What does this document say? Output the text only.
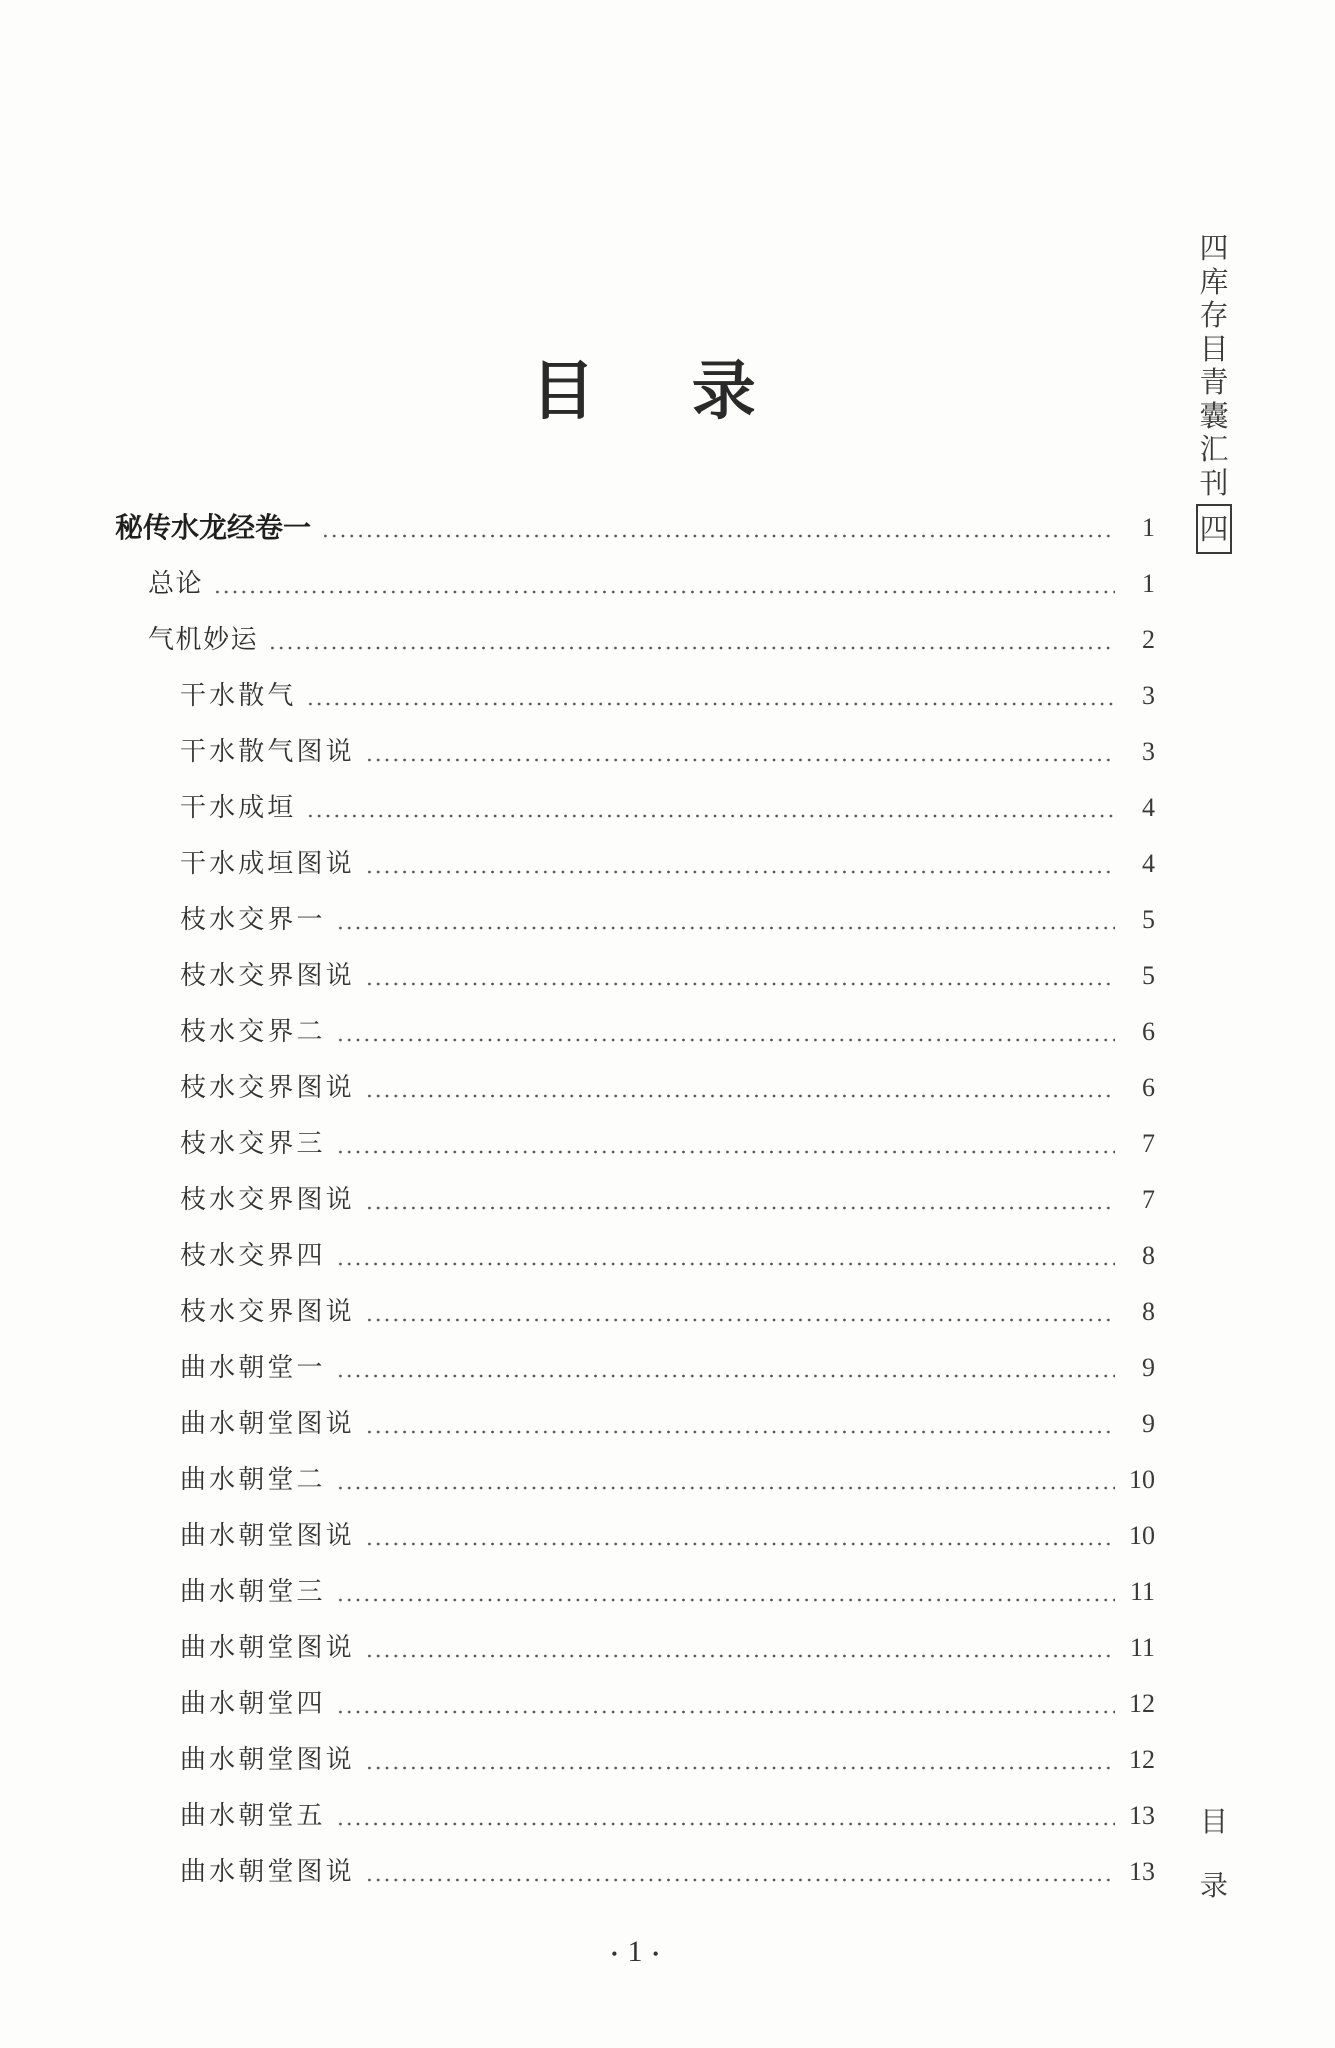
目 录
秘传水龙经卷一	1
总论	1
气机妙运	2
干水散气	3
干水散气图说	3
干水成垣	4
干水成垣图说	4
枝水交界一	5
枝水交界图说	5
枝水交界二	6
枝水交界图说	6
枝水交界三	7
枝水交界图说	7
枝水交界四	8
枝水交界图说	8
曲水朝堂一	9
曲水朝堂图说	9
曲水朝堂二	10
曲水朝堂图说	10
曲水朝堂三	11
曲水朝堂图说	11
曲水朝堂四	12
曲水朝堂图说	12
曲水朝堂五	13
曲水朝堂图说	13
四
库
存
目
青
囊
汇
刊
四
目
录
• 1 •
